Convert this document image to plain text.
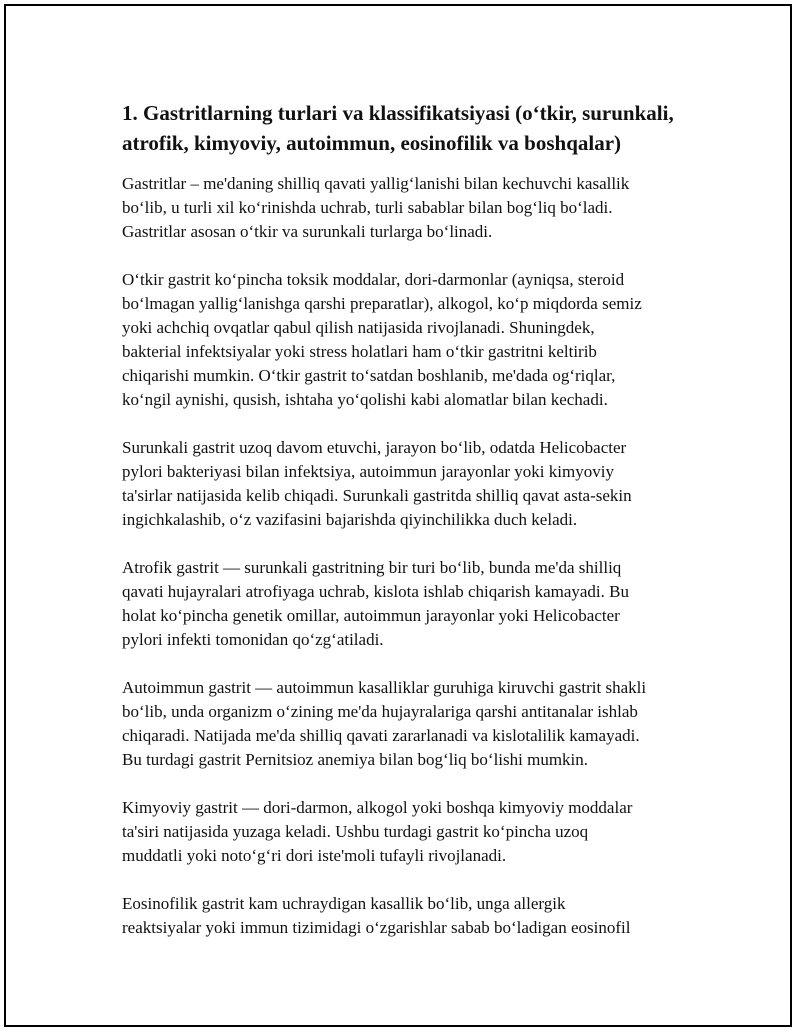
1. Gastritlarning turlari va klassifikatsiyasi (o‘tkir, surunkali,
atrofik, kimyoviy, autoimmun, eosinofilik va boshqalar)

Gastritlar – me'daning shilliq qavati yallig‘lanishi bilan kechuvchi kasallik
bo‘lib, u turli xil ko‘rinishda uchrab, turli sabablar bilan bog‘liq bo‘ladi.
Gastritlar asosan o‘tkir va surunkali turlarga bo‘linadi.

O‘tkir gastrit ko‘pincha toksik moddalar, dori-darmonlar (ayniqsa, steroid
bo‘lmagan yallig‘lanishga qarshi preparatlar), alkogol, ko‘p miqdorda semiz
yoki achchiq ovqatlar qabul qilish natijasida rivojlanadi. Shuningdek,
bakterial infektsiyalar yoki stress holatlari ham o‘tkir gastritni keltirib
chiqarishi mumkin. O‘tkir gastrit to‘satdan boshlanib, me'dada og‘riqlar,
ko‘ngil aynishi, qusish, ishtaha yo‘qolishi kabi alomatlar bilan kechadi.

Surunkali gastrit uzoq davom etuvchi, jarayon bo‘lib, odatda Helicobacter
pylori bakteriyasi bilan infektsiya, autoimmun jarayonlar yoki kimyoviy
ta'sirlar natijasida kelib chiqadi. Surunkali gastritda shilliq qavat asta-sekin
ingichkalashib, o‘z vazifasini bajarishda qiyinchilikka duch keladi.

Atrofik gastrit — surunkali gastritning bir turi bo‘lib, bunda me'da shilliq
qavati hujayralari atrofiyaga uchrab, kislota ishlab chiqarish kamayadi. Bu
holat ko‘pincha genetik omillar, autoimmun jarayonlar yoki Helicobacter
pylori infekti tomonidan qo‘zg‘atiladi.

Autoimmun gastrit — autoimmun kasalliklar guruhiga kiruvchi gastrit shakli
bo‘lib, unda organizm o‘zining me'da hujayralariga qarshi antitanalar ishlab
chiqaradi. Natijada me'da shilliq qavati zararlanadi va kislotalilik kamayadi.
Bu turdagi gastrit Pernitsioz anemiya bilan bog‘liq bo‘lishi mumkin.

Kimyoviy gastrit — dori-darmon, alkogol yoki boshqa kimyoviy moddalar
ta'siri natijasida yuzaga keladi. Ushbu turdagi gastrit ko‘pincha uzoq
muddatli yoki noto‘g‘ri dori iste'moli tufayli rivojlanadi.

Eosinofilik gastrit kam uchraydigan kasallik bo‘lib, unga allergik
reaktsiyalar yoki immun tizimidagi o‘zgarishlar sabab bo‘ladigan eosinofil
